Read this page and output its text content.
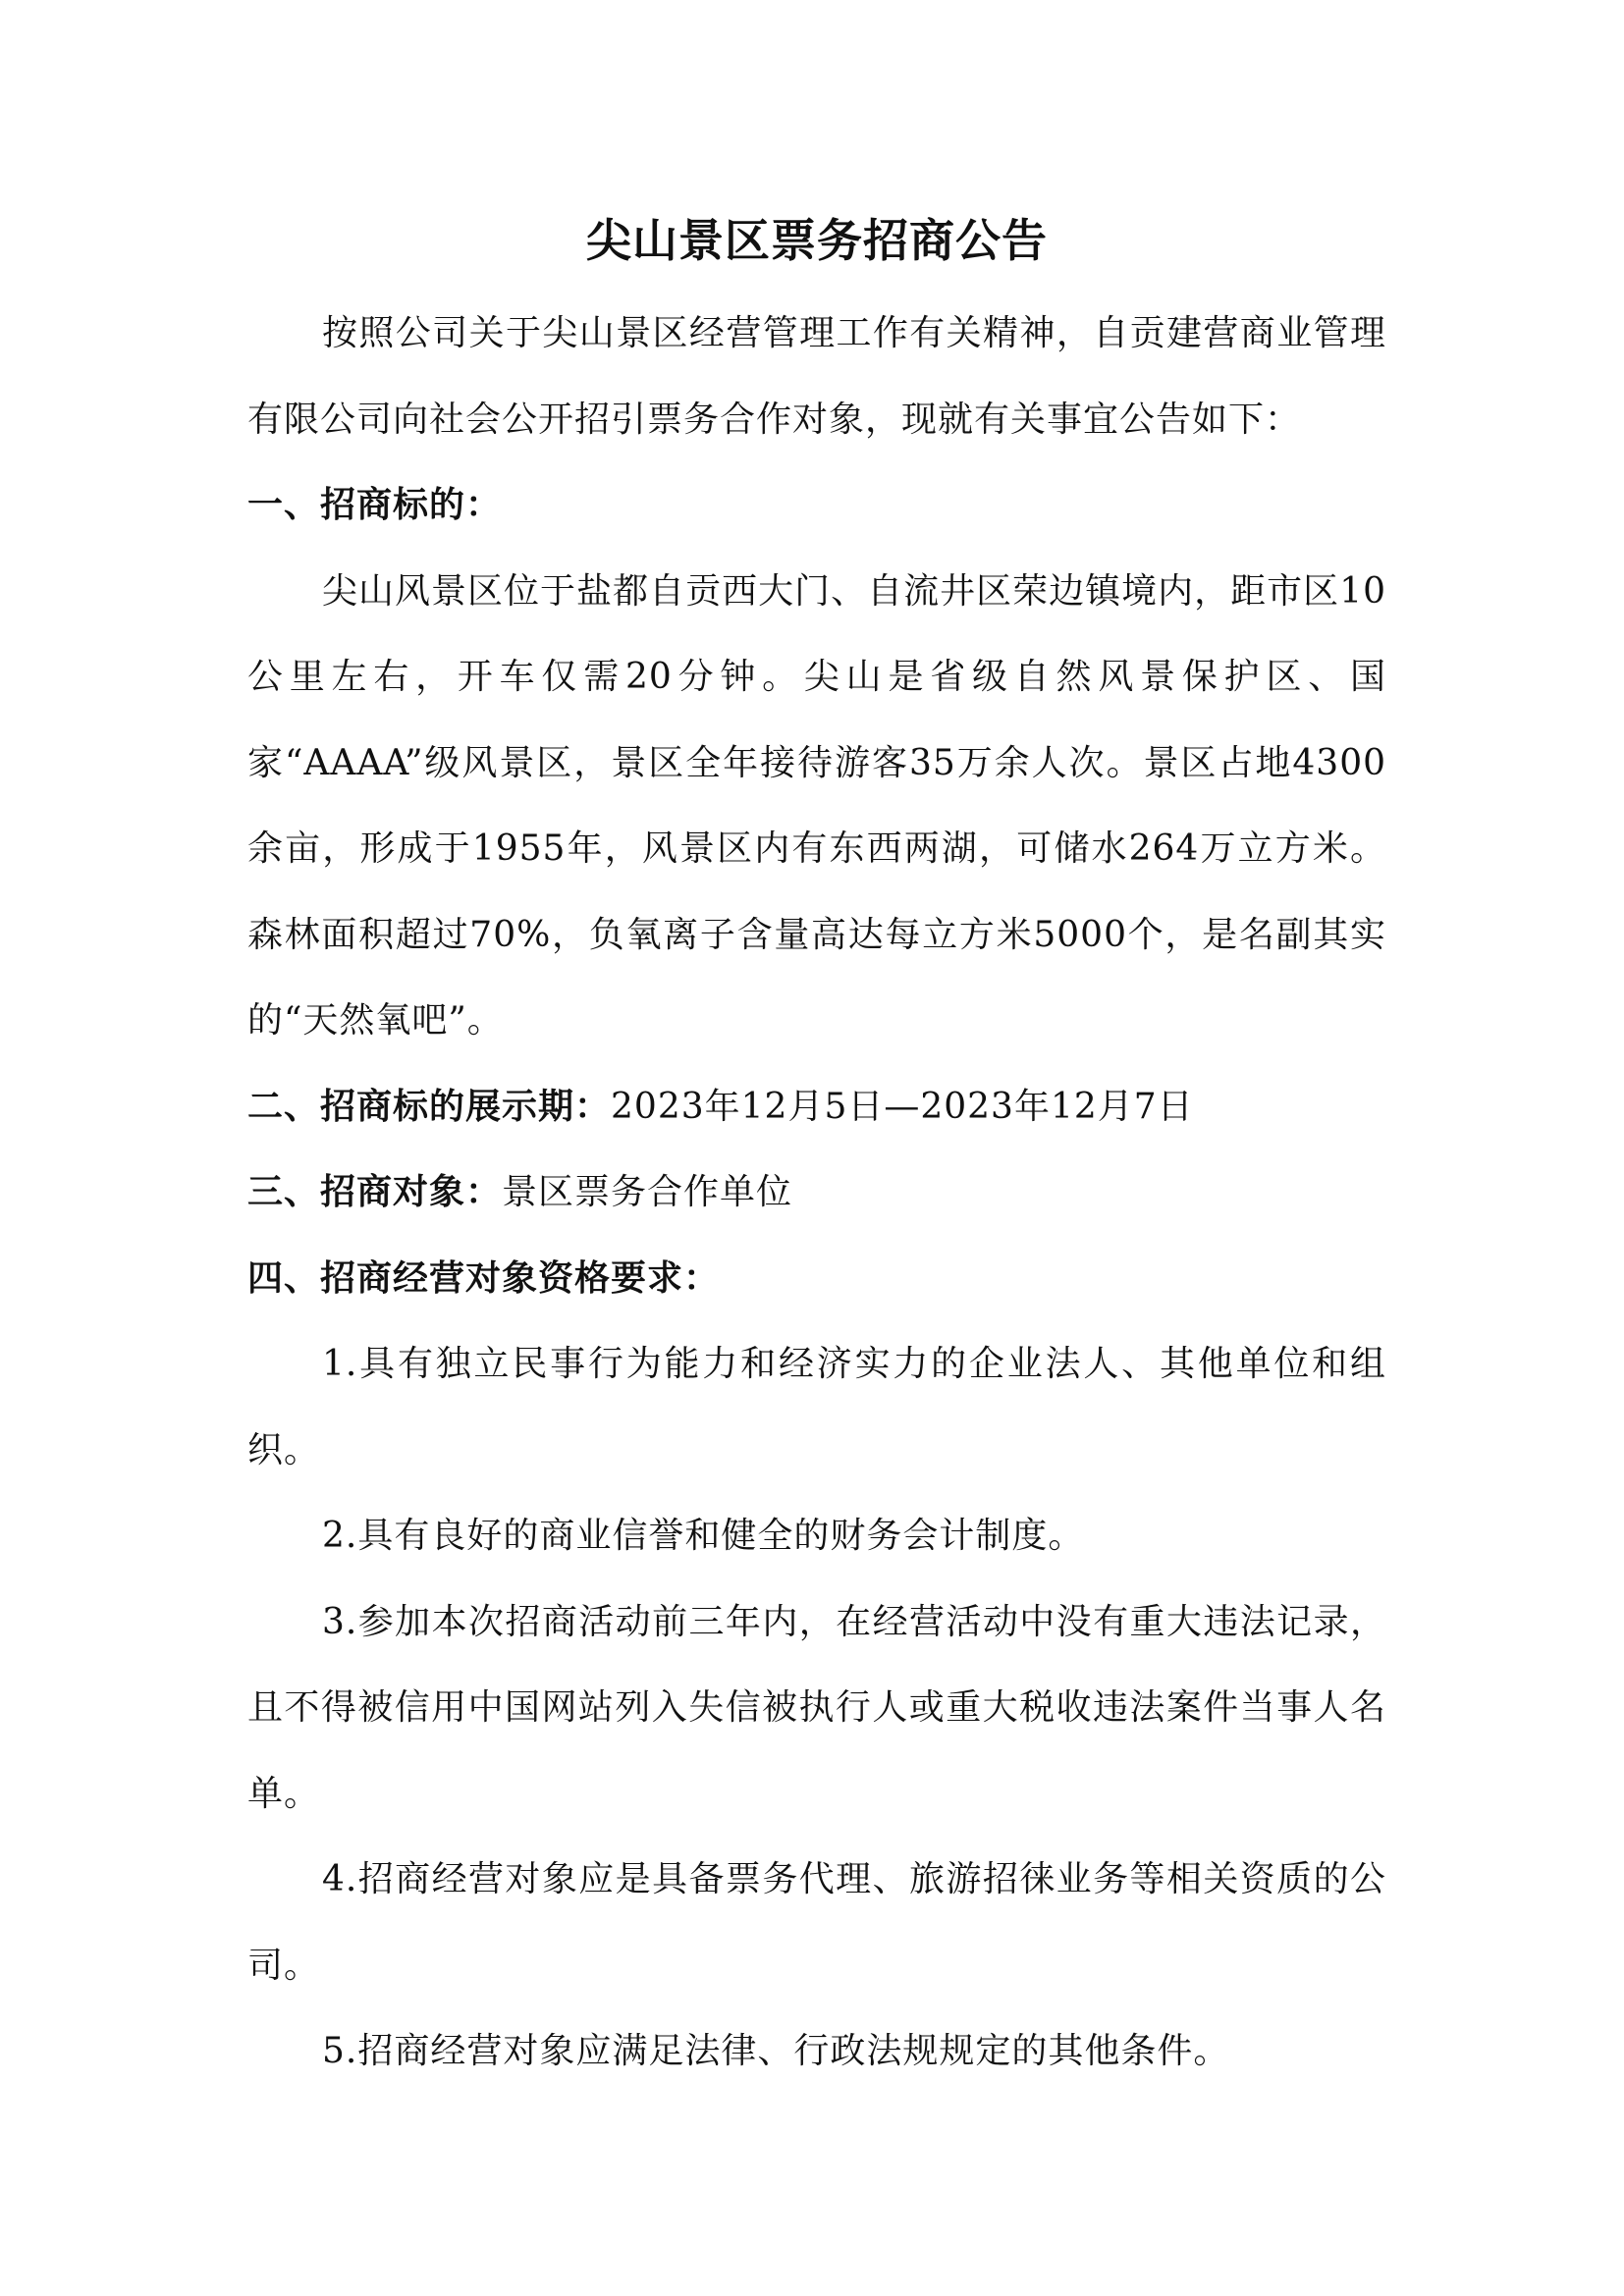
尖山景区票务招商公告

按照公司关于尖山景区经营管理工作有关精神，自贡建营商业管理有限公司向社会公开招引票务合作对象，现就有关事宜公告如下：

一、招商标的：

尖山风景区位于盐都自贡西大门、自流井区荣边镇境内，距市区10公里左右，开车仅需20分钟。尖山是省级自然风景保护区、国家“AAAA”级风景区，景区全年接待游客35万余人次。景区占地4300余亩，形成于1955年，风景区内有东西两湖，可储水264万立方米。森林面积超过70%，负氧离子含量高达每立方米5000个，是名副其实的“天然氧吧”。

二、招商标的展示期：2023年12月5日—2023年12月7日

三、招商对象：景区票务合作单位

四、招商经营对象资格要求：

1.具有独立民事行为能力和经济实力的企业法人、其他单位和组织。

2.具有良好的商业信誉和健全的财务会计制度。

3.参加本次招商活动前三年内，在经营活动中没有重大违法记录，且不得被信用中国网站列入失信被执行人或重大税收违法案件当事人名单。

4.招商经营对象应是具备票务代理、旅游招徕业务等相关资质的公司。

5.招商经营对象应满足法律、行政法规规定的其他条件。
